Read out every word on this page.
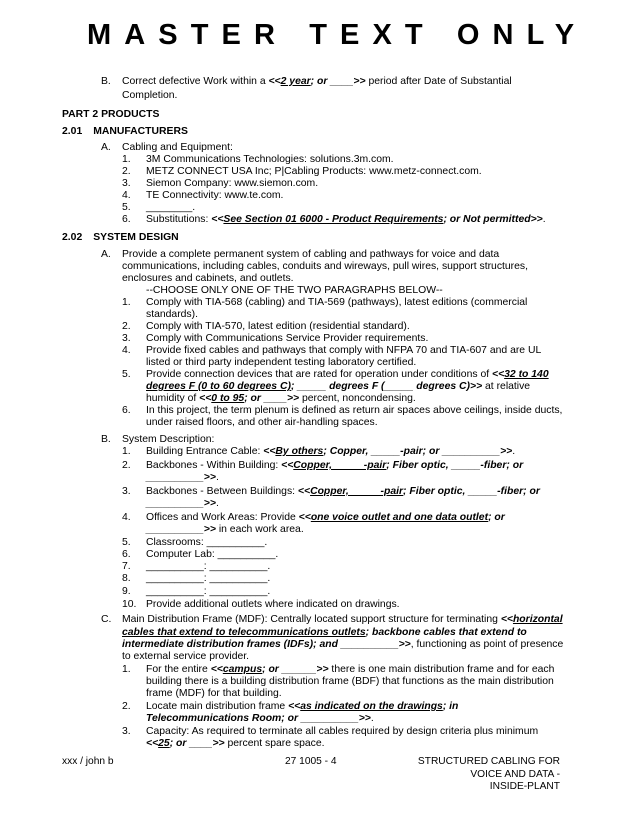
MASTER TEXT ONLY
B. Correct defective Work within a <<2 year; or ____>> period after Date of Substantial
Completion.
PART 2 PRODUCTS
2.01 MANUFACTURERS
A. Cabling and Equipment:
1. 3M Communications Technologies: solutions.3m.com.
2. METZ CONNECT USA Inc; P|Cabling Products: www.metz-connect.com.
3. Siemon Company: www.siemon.com.
4. TE Connectivity: www.te.com.
5. ________.
6. Substitutions: <<See Section 01 6000 - Product Requirements; or Not permitted>>.
2.02 SYSTEM DESIGN
A. Provide a complete permanent system of cabling and pathways for voice and data
communications, including cables, conduits and wireways, pull wires, support structures,
enclosures and cabinets, and outlets.
--CHOOSE ONLY ONE OF THE TWO PARAGRAPHS BELOW--
1. Comply with TIA-568 (cabling) and TIA-569 (pathways), latest editions (commercial
standards).
2. Comply with TIA-570, latest edition (residential standard).
3. Comply with Communications Service Provider requirements.
4. Provide fixed cables and pathways that comply with NFPA 70 and TIA-607 and are UL
listed or third party independent testing laboratory certified.
5. Provide connection devices that are rated for operation under conditions of <<32 to 140
degrees F (0 to 60 degrees C); _____ degrees F (_____ degrees C)>> at relative
humidity of <<0 to 95; or ____>> percent, noncondensing.
6. In this project, the term plenum is defined as return air spaces above ceilings, inside ducts,
under raised floors, and other air-handling spaces.
B. System Description:
1. Building Entrance Cable: <<By others; Copper, _____-pair; or __________>>.
2. Backbones - Within Building: <<Copper, _____-pair; Fiber optic, _____-fiber; or
__________>>.
3. Backbones - Between Buildings: <<Copper, _____-pair; Fiber optic, _____-fiber; or
__________>>.
4. Offices and Work Areas: Provide <<one voice outlet and one data outlet; or
__________>> in each work area.
5. Classrooms: __________.
6. Computer Lab: __________.
7. __________: __________.
8. __________: __________.
9. __________: __________.
10. Provide additional outlets where indicated on drawings.
C. Main Distribution Frame (MDF): Centrally located support structure for terminating <<horizontal
cables that extend to telecommunications outlets; backbone cables that extend to
intermediate distribution frames (IDFs); and __________>>, functioning as point of presence
to external service provider.
1. For the entire <<campus; or ______>> there is one main distribution frame and for each
building there is a building distribution frame (BDF) that functions as the main distribution
frame (MDF) for that building.
2. Locate main distribution frame <<as indicated on the drawings; in
Telecommunications Room; or __________>>.
3. Capacity: As required to terminate all cables required by design criteria plus minimum
<<25; or ____>> percent spare space.
xxx / john b	27 1005 - 4	STRUCTURED CABLING FOR
VOICE AND DATA -
INSIDE-PLANT
